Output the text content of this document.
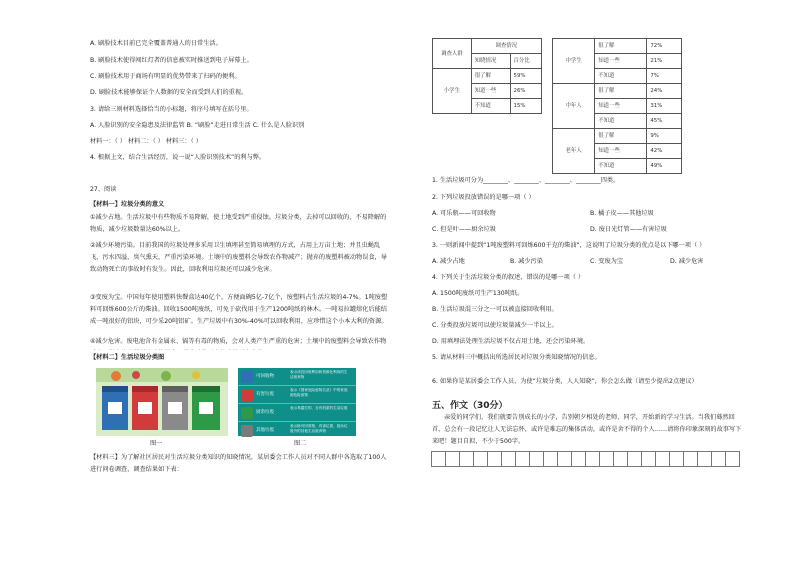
A. 刷脸技术目前已完全覆盖普通人的日常生活。
B. 刷脸技术使得闯红灯者的信息被实时推送到电子屏幕上。
C. 刷脸技术用于商场有明显的优势带来了扫码的便利。
D. 刷脸技术能够保证个人数据的安全而受到人们的重视。
3. 请给三则材料选择恰当的小标题，将序号填写在括号里。
A. 人脸识别的安全隐患及法律监管 B. “刷脸”走进日常生活 C. 什么是人脸识别
材料一：（ ） 材料二：（ ） 材料三：（ ）
4. 根据上文，结合生活经历，说一说“人脸识别技术”的利与弊。
27、阅读
【材料一】垃圾分类的意义
①减少占地。生活垃圾中有些物质不易降解，使土地受到严重侵蚀。垃圾分类，去掉可以回收的、不易降解的物质，减少垃圾数量达60%以上。
②减少环境污染。目前我国的垃圾处理多采用卫生填埋甚至简易填埋的方式，占用上万亩土地；并且虫蝇乱飞，污水四溢，臭气熏天，严重污染环境。土壤中的废塑料会导致农作物减产；抛弃的废塑料被动物误食，导致动物死亡的事故时有发生。因此，回收利用垃圾还可以减少危害。
③变废为宝。中国每年使用塑料快餐盒达40亿个，方便面碗5亿-7亿个，废塑料占生活垃圾的4-7%。1吨废塑料可回炼600公斤的柴油。回收1500吨废纸，可免于砍伐用于生产1200吨纸的林木。一吨易拉罐熔化后能结成一吨很好的铝块，可少采20吨铝矿。生产垃圾中有30%-40%可以回收利用，应珍惜这个小本大利的资源。
④减少危害。废电池含有金属汞、镉等有毒的物质，会对人类产生严重的危害；土壤中的废塑料会导致农作物
【材料二】生活垃圾分类图
可回收物
表示适宜回收利用和资源化利用的生活废弃物
有害垃圾
表示《国家危险废物名录》中的家庭源危险废物
厨余垃圾
表示易腐烂的、含有机质的生活垃圾
其他垃圾
表示除可回收物、有害垃圾、厨余垃圾外的其他生活废弃物
图一	图二
【材料三】为了解社区居民对生活垃圾分类知识的知晓情况，某居委会工作人员对不同人群中各选取了100人进行问卷调查，调查结果如下表：
调查人群	调查情况	
	知晓情况	百分比
小学生	很了解	59%
	知道一些	26%
	不知道	15%
中学生	很了解	72%
	知道一些	21%
	不知道	7%
中年人	很了解	24%
	知道一些	31%
	不知道	45%
老年人	很了解	9%
	知道一些	42%
	不知道	49%
1. 生活垃圾可分为________、________、________、________四类。
2. 下列垃圾投放错误的是哪一项（ ）
A. 可乐瓶——可回收物	B. 橘子皮——其他垃圾
C. 但是叶——厨余垃圾	D. 废日光灯管——有害垃圾
3. 一则新闻中提到“1吨废塑料可回炼600千克的柴油”，这说明了垃圾分类的优点是以下哪一项（ ）
A. 减少占地	B. 减少污染	C. 变废为宝	D. 减少危害
4. 下列关于生活垃圾分类的叙述，错误的是哪一项（ ）
A. 1500吨废纸可生产130吨纸。
B. 生活垃圾混三分之一可以被直接回收利用。
C. 分类投放垃圾可以使垃圾量减少一半以上。
D. 用填埋法处理生活垃圾不仅占用土地，还会污染环境。
5. 请从材料三中概括出所选居民对垃圾分类知晓情况的信息。
6. 如果你是某居委会工作人员，为使“垃圾分类，人人知晓”，你会怎么做（请至少提出2点建议）
五、作文（30分）
亲爱的同学们，我们就要告别成长的小学，告别朝夕相处的老师、同学，开始新的学习生活。当我们蓦然回首，总会有一段记忆让人无法忘怀，或许是难忘的集体活动，或许是舍不得的个人……请将你印象深刻的故事写下来吧！题目自拟，不少于500字。
